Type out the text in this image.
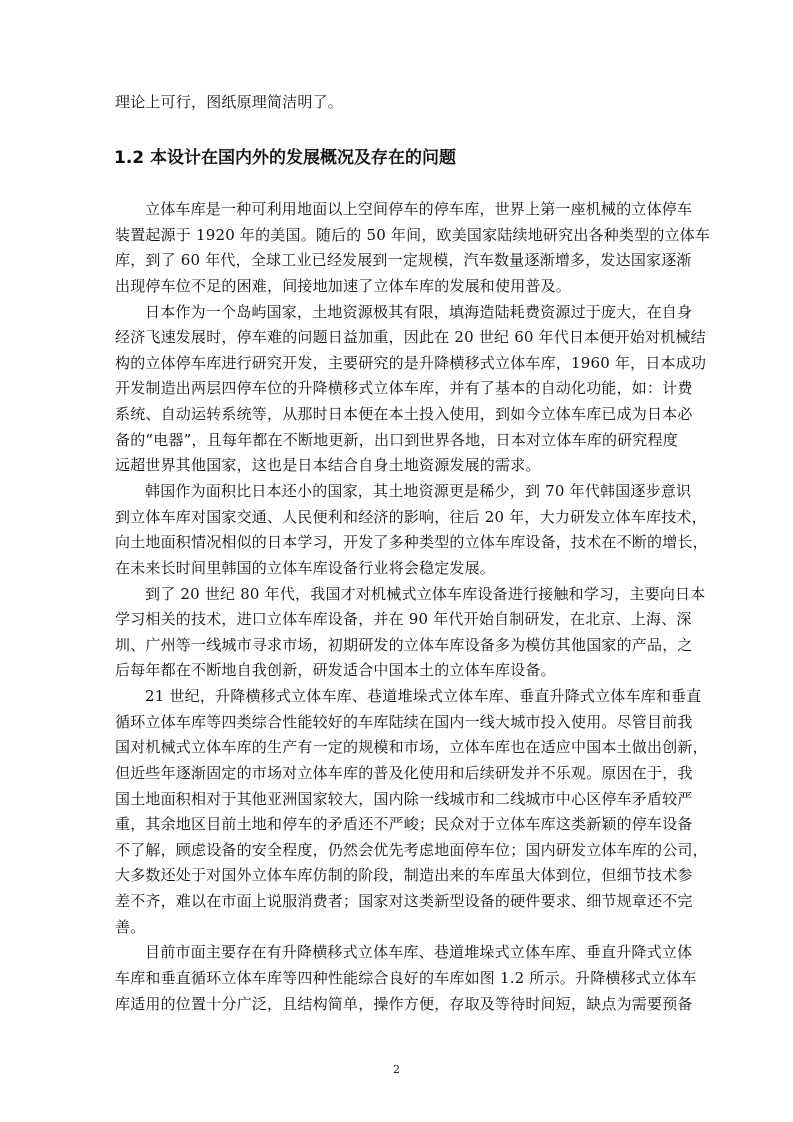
理论上可行，图纸原理简洁明了。
1.2 本设计在国内外的发展概况及存在的问题
立体车库是一种可利用地面以上空间停车的停车库，世界上第一座机械的立体停车
装置起源于 1920 年的美国。随后的 50 年间，欧美国家陆续地研究出各种类型的立体车
库，到了 60 年代，全球工业已经发展到一定规模，汽车数量逐渐增多，发达国家逐渐
出现停车位不足的困难，间接地加速了立体车库的发展和使用普及。
日本作为一个岛屿国家，土地资源极其有限，填海造陆耗费资源过于庞大，在自身
经济飞速发展时，停车难的问题日益加重，因此在 20 世纪 60 年代日本便开始对机械结
构的立体停车库进行研究开发，主要研究的是升降横移式立体车库，1960 年，日本成功
开发制造出两层四停车位的升降横移式立体车库，并有了基本的自动化功能，如：计费
系统、自动运转系统等，从那时日本便在本土投入使用，到如今立体车库已成为日本必
备的“电器”，且每年都在不断地更新，出口到世界各地，日本对立体车库的研究程度
远超世界其他国家，这也是日本结合自身土地资源发展的需求。
韩国作为面积比日本还小的国家，其土地资源更是稀少，到 70 年代韩国逐步意识
到立体车库对国家交通、人民便利和经济的影响，往后 20 年，大力研发立体车库技术，
向土地面积情况相似的日本学习，开发了多种类型的立体车库设备，技术在不断的增长，
在未来长时间里韩国的立体车库设备行业将会稳定发展。
到了 20 世纪 80 年代，我国才对机械式立体车库设备进行接触和学习，主要向日本
学习相关的技术，进口立体车库设备，并在 90 年代开始自制研发，在北京、上海、深
圳、广州等一线城市寻求市场，初期研发的立体车库设备多为模仿其他国家的产品，之
后每年都在不断地自我创新，研发适合中国本土的立体车库设备。
21 世纪，升降横移式立体车库、巷道堆垛式立体车库、垂直升降式立体车库和垂直
循环立体车库等四类综合性能较好的车库陆续在国内一线大城市投入使用。尽管目前我
国对机械式立体车库的生产有一定的规模和市场，立体车库也在适应中国本土做出创新，
但近些年逐渐固定的市场对立体车库的普及化使用和后续研发并不乐观。原因在于，我
国土地面积相对于其他亚洲国家较大，国内除一线城市和二线城市中心区停车矛盾较严
重，其余地区目前土地和停车的矛盾还不严峻；民众对于立体车库这类新颖的停车设备
不了解，顾虑设备的安全程度，仍然会优先考虑地面停车位；国内研发立体车库的公司，
大多数还处于对国外立体车库仿制的阶段，制造出来的车库虽大体到位，但细节技术参
差不齐，难以在市面上说服消费者；国家对这类新型设备的硬件要求、细节规章还不完
善。
目前市面主要存在有升降横移式立体车库、巷道堆垛式立体车库、垂直升降式立体
车库和垂直循环立体车库等四种性能综合良好的车库如图 1.2 所示。升降横移式立体车
库适用的位置十分广泛，且结构简单，操作方便，存取及等待时间短，缺点为需要预备
2
